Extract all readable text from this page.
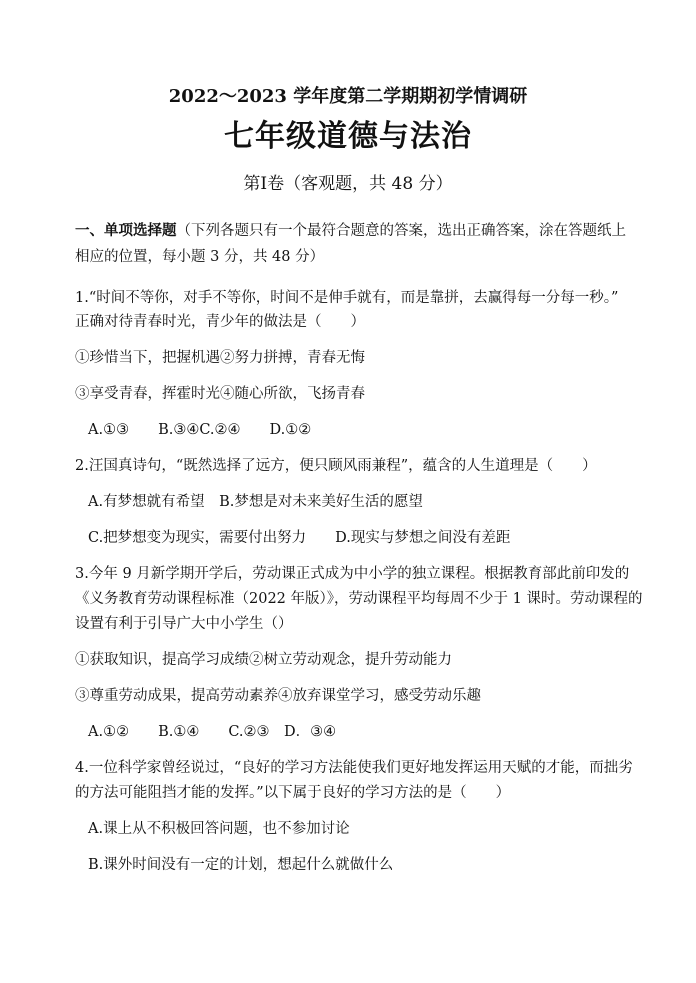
2022～2023 学年度第二学期期初学情调研
七年级道德与法治
第Ⅰ卷（客观题，共 48 分）
一、单项选择题（下列各题只有一个最符合题意的答案，选出正确答案，涂在答题纸上
相应的位置，每小题 3 分，共 48 分）
1.“时间不等你，对手不等你，时间不是伸手就有，而是靠拼，去赢得每一分每一秒。”
正确对待青春时光，青少年的做法是（　　）
①珍惜当下，把握机遇②努力拼搏，青春无悔
③享受青春，挥霍时光④随心所欲，飞扬青春
A.①③　　B.③④C.②④　　D.①②
2.汪国真诗句，“既然选择了远方，便只顾风雨兼程”，蕴含的人生道理是（　　）
A.有梦想就有希望　B.梦想是对未来美好生活的愿望
C.把梦想变为现实，需要付出努力　　D.现实与梦想之间没有差距
3.今年 9 月新学期开学后，劳动课正式成为中小学的独立课程。根据教育部此前印发的
《义务教育劳动课程标准（2022 年版）》，劳动课程平均每周不少于 1 课时。劳动课程的
设置有利于引导广大中小学生（）
①获取知识，提高学习成绩②树立劳动观念，提升劳动能力
③尊重劳动成果，提高劳动素养④放弃课堂学习，感受劳动乐趣
A.①②　　B.①④　　C.②③　D．③④
4.一位科学家曾经说过，“良好的学习方法能使我们更好地发挥运用天赋的才能，而拙劣
的方法可能阻挡才能的发挥。”以下属于良好的学习方法的是（　　）
A.课上从不积极回答问题，也不参加讨论
B.课外时间没有一定的计划，想起什么就做什么
